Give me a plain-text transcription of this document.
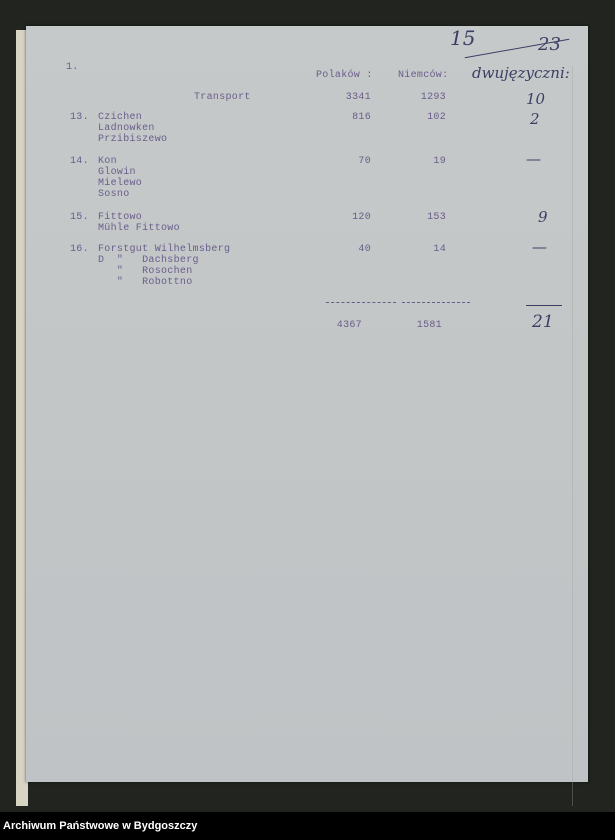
1.
15	23
Polaków :	Niemców: dwujęzyczni:
Transport	3341	1293	10
13. Czichen
Ladnowken
Przibiszewo
816	102	2
14. Kon
Glowin
Mielewo
Sosno
70	19	—
15. Fittowo
Mühle Fittowo
120	153	9
16. Forstgut Wilhelmsberg
D  "   Dachsberg
"   Rosochen
"   Robottno
40	14	—
4367	1581	21
Archiwum Państwowe w Bydgoszczy
